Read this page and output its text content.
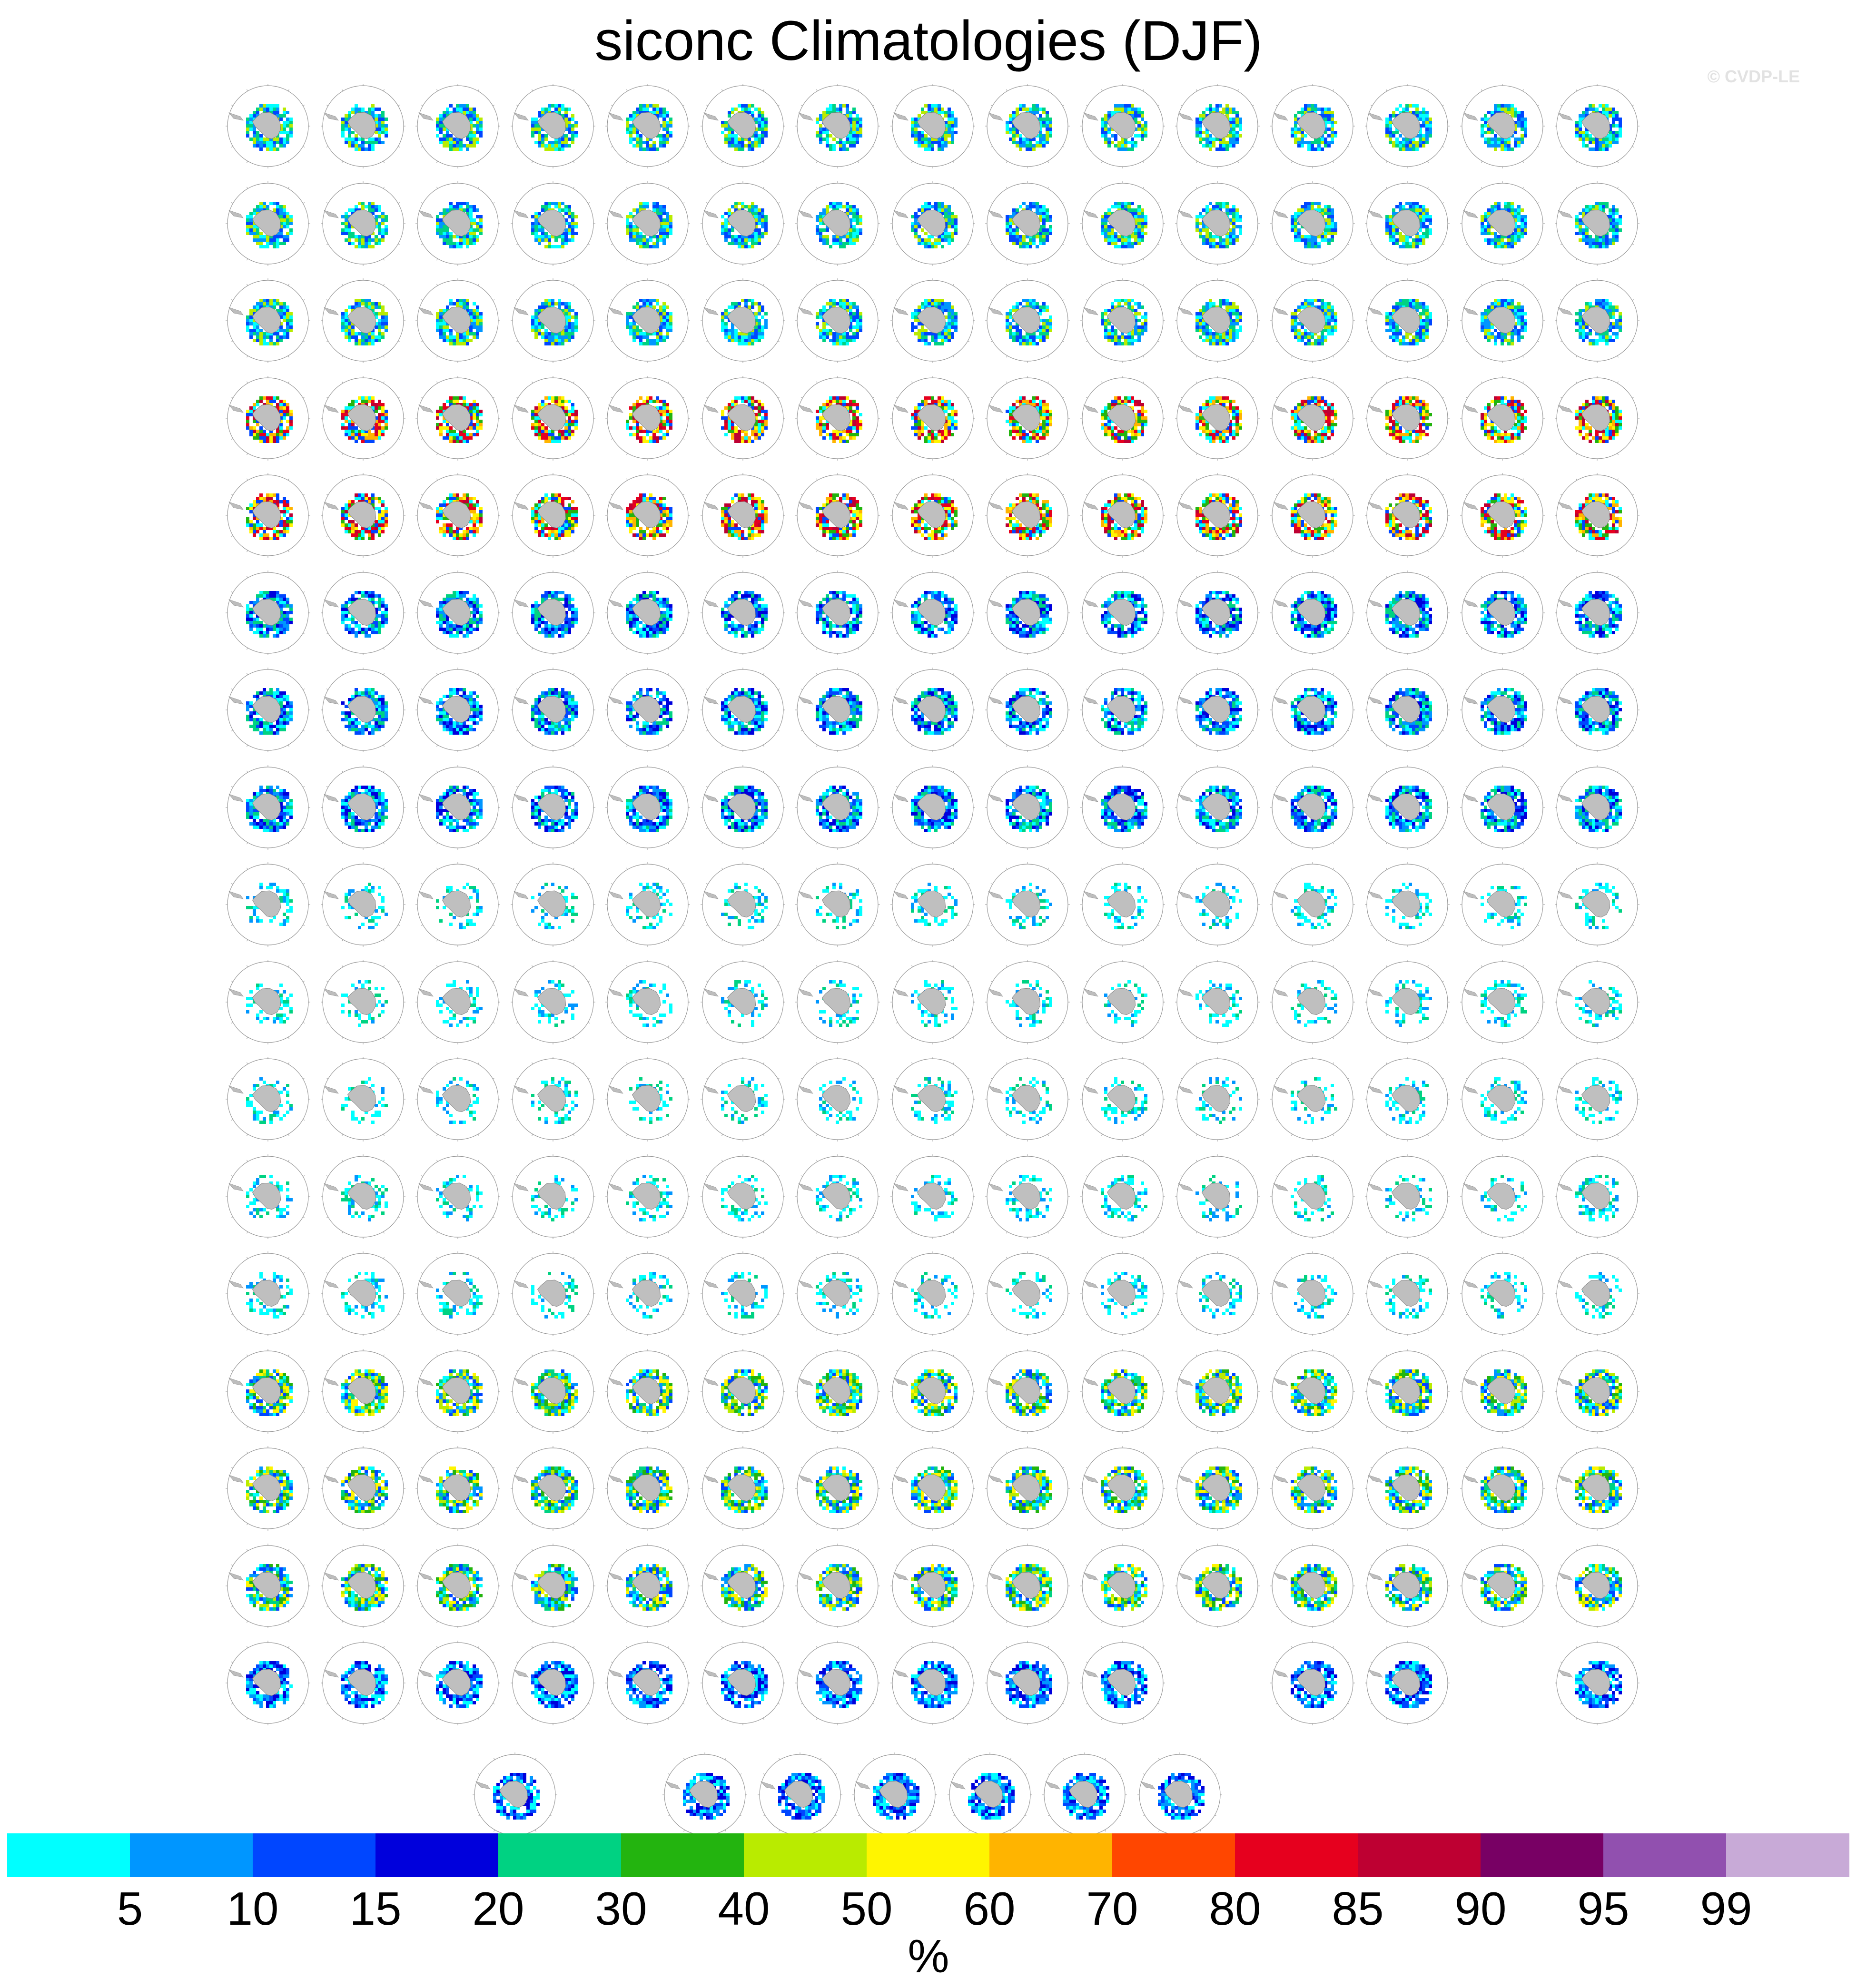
siconc Climatologies (DJF)
© CVDP-LE
5	10	15	20	30	40	50	60	70	80	85	90	95	99
%
